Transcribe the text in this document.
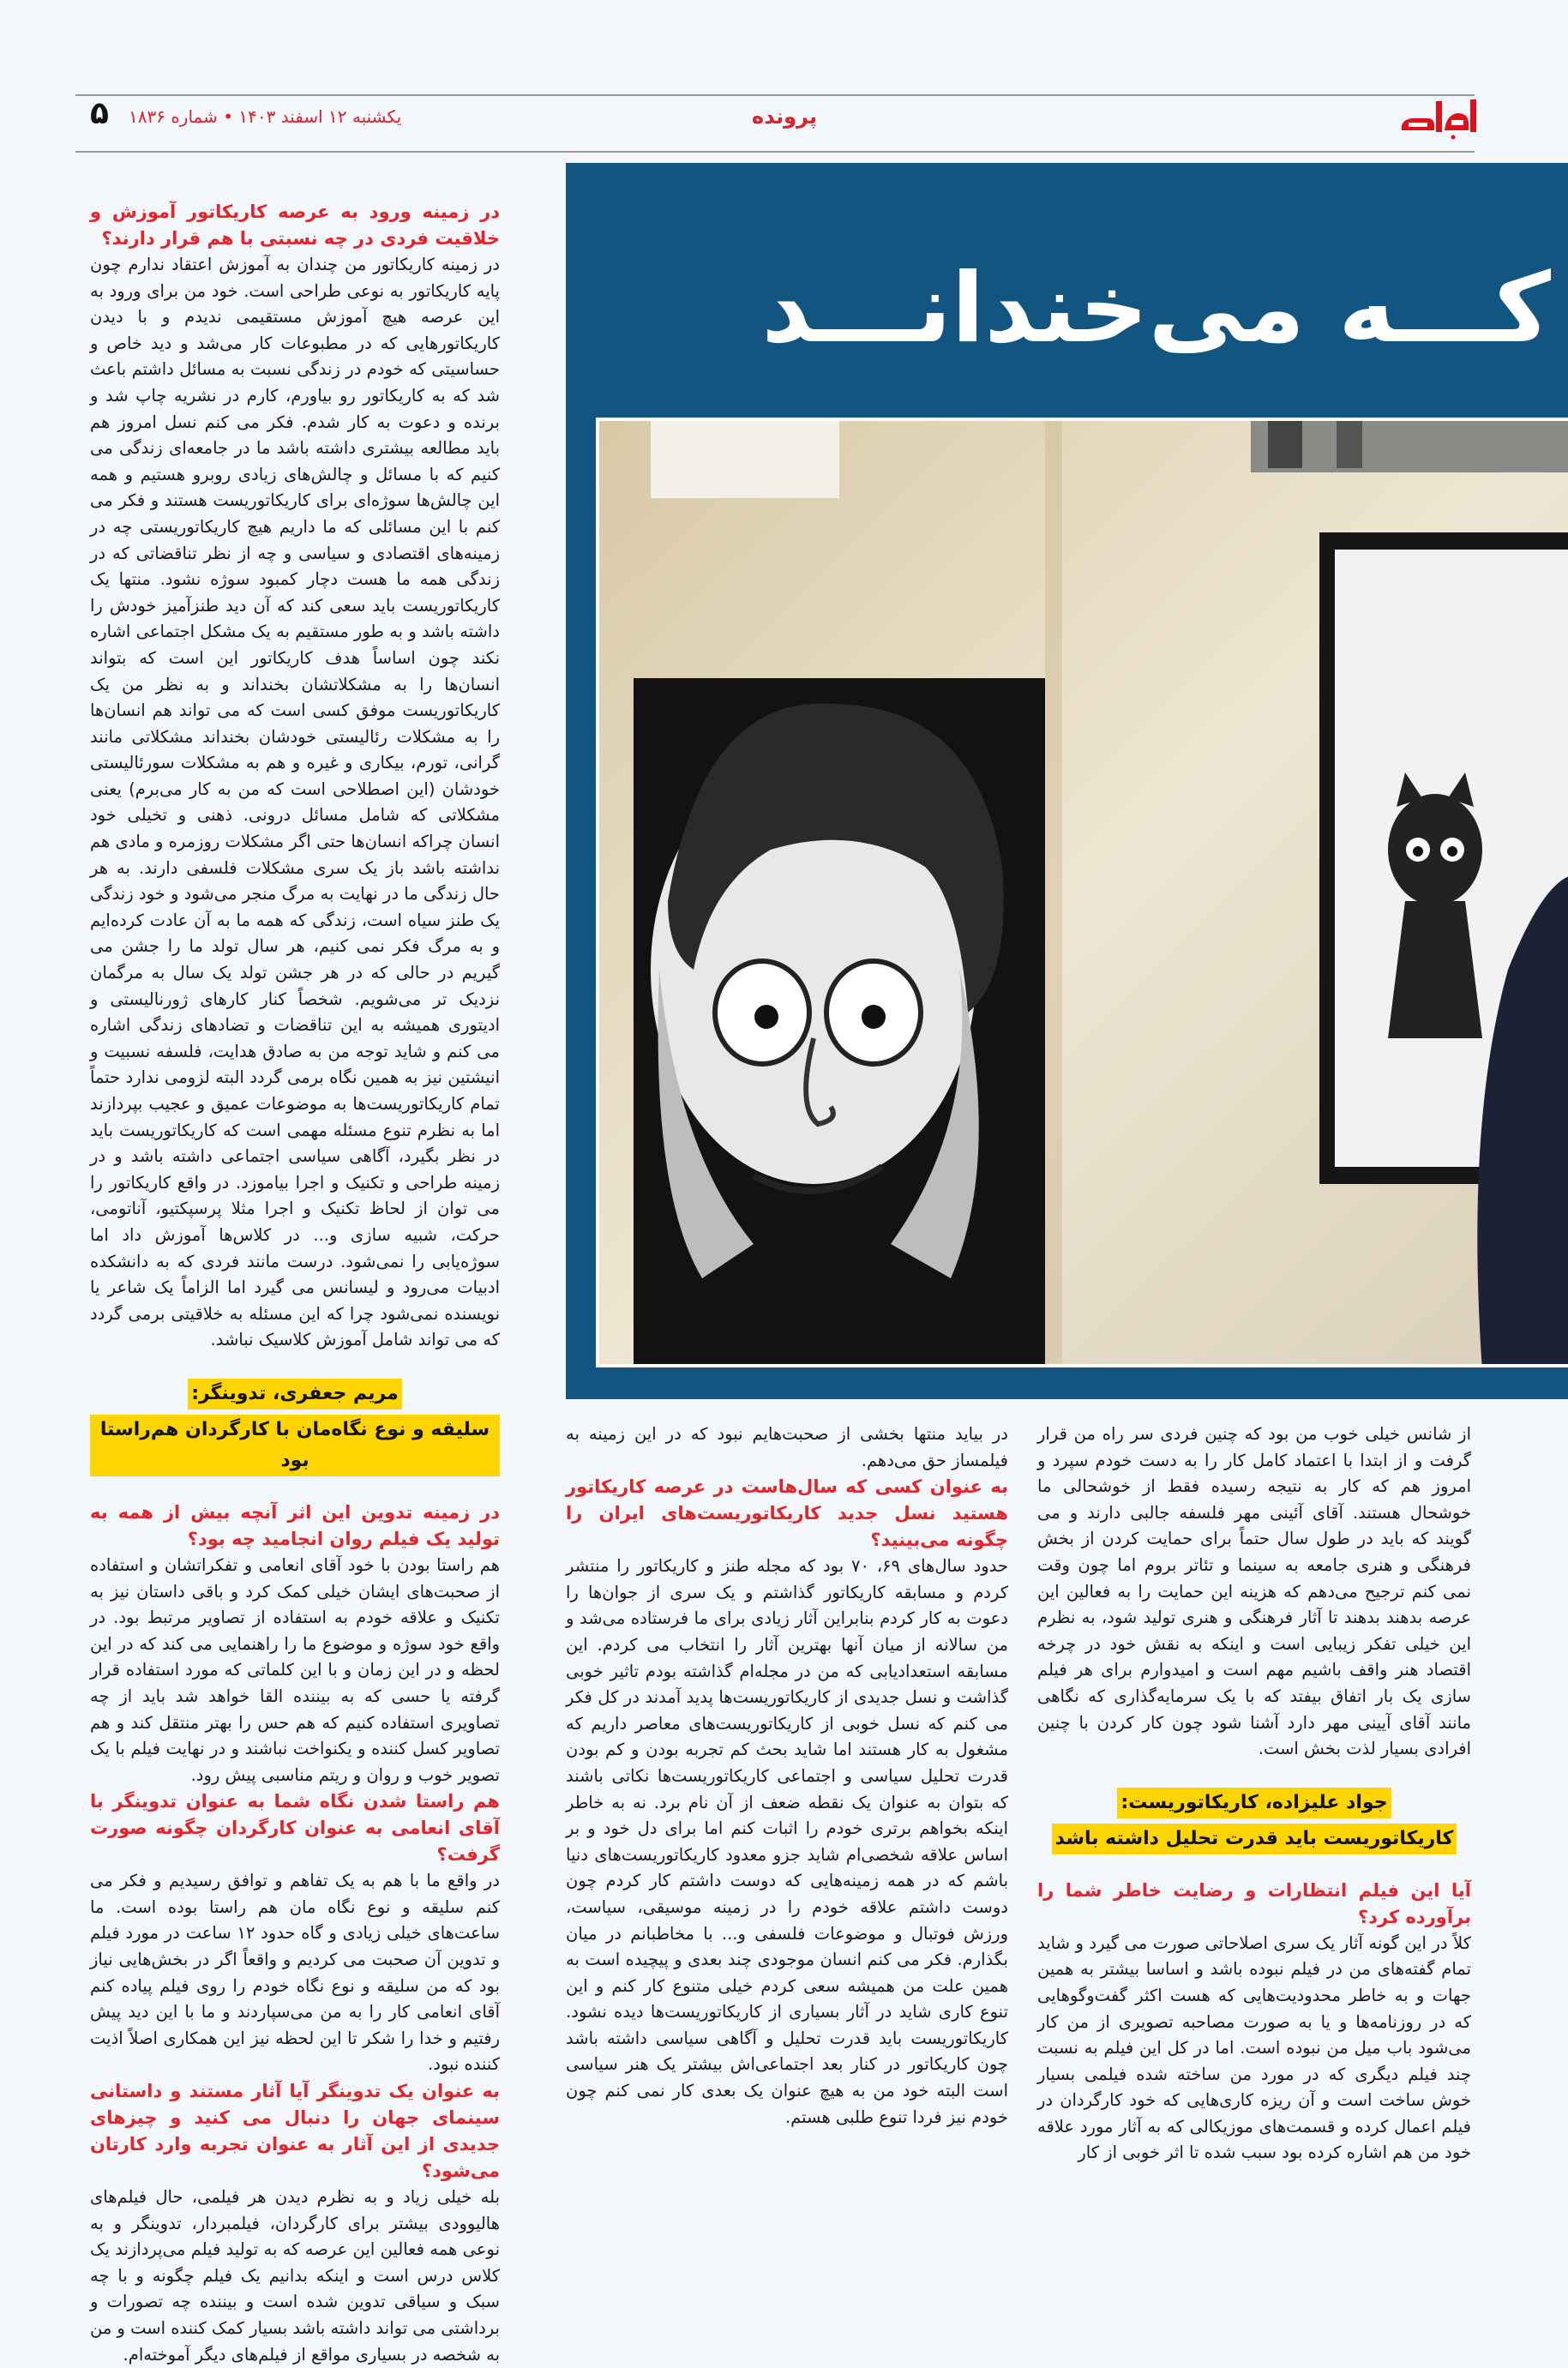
پرونده
یکشنبه ۱۲ اسفند ۱۴۰۳ • شماره ۱۸۳۶
۵
کـــه می‌خندانـــد

در زمینه ورود به عرصه کاریکاتور آموزش و خلاقیت فردی در چه نسبتی با هم قرار دارند؟

در زمینه کاریکاتور من چندان به آموزش اعتقاد ندارم چون پایه کاریکاتور به نوعی طراحی است. خود من برای ورود به این عرصه هیچ آموزش مستقیمی ندیدم و با دیدن کاریکاتورهایی که در مطبوعات کار می‌شد و دید خاص و حساسیتی که خودم در زندگی نسبت به مسائل داشتم باعث شد که به کاریکاتور رو بیاورم، کارم در نشریه چاپ شد و برنده و دعوت به کار شدم. فکر می کنم نسل امروز هم باید مطالعه بیشتری داشته باشد ما در جامعه‌ای زندگی می کنیم که با مسائل و چالش‌های زیادی روبرو هستیم و همه این چالش‌ها سوژه‌ای برای کاریکاتوریست هستند و فکر می کنم با این مسائلی که ما داریم هیچ کاریکاتوریستی چه در زمینه‌های اقتصادی و سیاسی و چه از نظر تناقضاتی که در زندگی همه ما هست دچار کمبود سوژه نشود. منتها یک کاریکاتوریست باید سعی کند که آن دید طنزآمیز خودش را داشته باشد و به طور مستقیم به یک مشکل اجتماعی اشاره نکند چون اساساً هدف کاریکاتور این است که بتواند انسان‌ها را به مشکلاتشان بخنداند و به نظر من یک کاریکاتوریست موفق کسی است که می تواند هم انسان‌ها را به مشکلات رئالیستی خودشان بخنداند مشکلاتی مانند گرانی، تورم، بیکاری و غیره و هم به مشکلات سورئالیستی خودشان (این اصطلاحی است که من به کار می‌برم) یعنی مشکلاتی که شامل مسائل درونی. ذهنی و تخیلی خود انسان چراکه انسان‌ها حتی اگر مشکلات روزمره و مادی هم نداشته باشد باز یک سری مشکلات فلسفی دارند. به هر حال زندگی ما در نهایت به مرگ منجر می‌شود و خود زندگی یک طنز سیاه است، زندگی که همه ما به آن عادت کرده‌ایم و به مرگ فکر نمی کنیم، هر سال تولد ما را جشن می گیریم در حالی که در هر جشن تولد یک سال به مرگمان نزدیک تر می‌شویم. شخصاً کنار کارهای ژورنالیستی و ادیتوری همیشه به این تناقضات و تضادهای زندگی اشاره می کنم و شاید توجه من به صادق هدایت، فلسفه نسبیت و انیشتین نیز به همین نگاه برمی گردد البته لزومی ندارد حتماً تمام کاریکاتوریست‌ها به موضوعات عمیق و عجیب بپردازند اما به نظرم تنوع مسئله مهمی است که کاریکاتوریست باید در نظر بگیرد، آگاهی سیاسی اجتماعی داشته باشد و در زمینه طراحی و تکنیک و اجرا بیاموزد. در واقع کاریکاتور را می توان از لحاظ تکنیک و اجرا مثلا پرسپکتیو، آناتومی، حرکت، شبیه سازی و... در کلاس‌ها آموزش داد اما سوژه‌یابی را نمی‌شود. درست مانند فردی که به دانشکده ادبیات می‌رود و لیسانس می گیرد اما الزاماً یک شاعر یا نویسنده نمی‌شود چرا که این مسئله به خلاقیتی برمی گردد که می تواند شامل آموزش کلاسیک نباشد.

مریم جعفری، تدوینگر:
سلیقه و نوع نگاه‌مان با کارگردان هم‌راستا بود

در زمینه تدوین این اثر آنچه بیش از همه به تولید یک فیلم روان انجامید چه بود؟

هم راستا بودن با خود آقای انعامی و تفکراتشان و استفاده از صحبت‌های ایشان خیلی کمک کرد و باقی داستان نیز به تکنیک و علاقه خودم به استفاده از تصاویر مرتبط بود. در واقع خود سوژه و موضوع ما را راهنمایی می کند که در این لحظه و در این زمان و با این کلماتی که مورد استفاده قرار گرفته یا حسی که به بیننده القا خواهد شد باید از چه تصاویری استفاده کنیم که هم حس را بهتر منتقل کند و هم تصاویر کسل کننده و یکنواخت نباشند و در نهایت فیلم با یک تصویر خوب و روان و ریتم مناسبی پیش رود.

هم راستا شدن نگاه شما به عنوان تدوینگر با آقای انعامی به عنوان کارگردان چگونه صورت گرفت؟

در واقع ما با هم به یک تفاهم و توافق رسیدیم و فکر می کنم سلیقه و نوع نگاه مان هم راستا بوده است. ما ساعت‌های خیلی زیادی و گاه حدود ۱۲ ساعت در مورد فیلم و تدوین آن صحبت می کردیم و واقعاً اگر در بخش‌هایی نیاز بود که من سلیقه و نوع نگاه خودم را روی فیلم پیاده کنم آقای انعامی کار را به من می‌سپاردند و ما با این دید پیش رفتیم و خدا را شکر تا این لحظه نیز این همکاری اصلاً اذیت کننده نبود.

به عنوان یک تدوینگر آیا آثار مستند و داستانی سینمای جهان را دنبال می کنید و چیزهای جدیدی از این آثار به عنوان تجربه وارد کارتان می‌شود؟

بله خیلی زیاد و به نظرم دیدن هر فیلمی، حال فیلم‌های هالیوودی بیشتر برای کارگردان، فیلمبردار، تدوینگر و به نوعی همه فعالین این عرصه که به تولید فیلم می‌پردازند یک کلاس درس است و اینکه بدانیم یک فیلم چگونه و با چه سبک و سیاقی تدوین شده است و بیننده چه تصورات و برداشتی می تواند داشته باشد بسیار کمک کننده است و من به شخصه در بسیاری مواقع از فیلم‌های دیگر آموخته‌ام.

در بیاید منتها بخشی از صحبت‌هایم نبود که در این زمینه به فیلمساز حق می‌دهم.

به عنوان کسی که سال‌هاست در عرصه کاریکاتور هستید نسل جدید کاریکاتوریست‌های ایران را چگونه می‌بینید؟

حدود سال‌های ۶۹، ۷۰ بود که مجله طنز و کاریکاتور را منتشر کردم و مسابقه کاریکاتور گذاشتم و یک سری از جوان‌ها را دعوت به کار کردم بنابراین آثار زیادی برای ما فرستاده می‌شد و من سالانه از میان آنها بهترین آثار را انتخاب می کردم. این مسابقه استعدادیابی که من در مجله‌ام گذاشته بودم تاثیر خوبی گذاشت و نسل جدیدی از کاریکاتوریست‌ها پدید آمدند در کل فکر می کنم که نسل خوبی از کاریکاتوریست‌های معاصر داریم که مشغول به کار هستند اما شاید بحث کم تجربه بودن و کم بودن قدرت تحلیل سیاسی و اجتماعی کاریکاتوریست‌ها نکاتی باشند که بتوان به عنوان یک نقطه ضعف از آن نام برد. نه به خاطر اینکه بخواهم برتری خودم را اثبات کنم اما برای دل خود و بر اساس علاقه شخصی‌ام شاید جزو معدود کاریکاتوریست‌های دنیا باشم که در همه زمینه‌هایی که دوست داشتم کار کردم چون دوست داشتم علاقه خودم را در زمینه موسیقی، سیاست، ورزش فوتبال و موضوعات فلسفی و... با مخاطبانم در میان بگذارم. فکر می کنم انسان موجودی چند بعدی و پیچیده است به همین علت من همیشه سعی کردم خیلی متنوع کار کنم و این تنوع کاری شاید در آثار بسیاری از کاریکاتوریست‌ها دیده نشود. کاریکاتوریست باید قدرت تحلیل و آگاهی سیاسی داشته باشد چون کاریکاتور در کنار بعد اجتماعی‌اش بیشتر یک هنر سیاسی است البته خود من به هیچ عنوان یک بعدی کار نمی کنم چون خودم نیز فردا تنوع طلبی هستم.

از شانس خیلی خوب من بود که چنین فردی سر راه من قرار گرفت و از ابتدا با اعتماد کامل کار را به دست خودم سپرد و امروز هم که کار به نتیجه رسیده فقط از خوشحالی ما خوشحال هستند. آقای آئینی مهر فلسفه جالبی دارند و می گویند که باید در طول سال حتماً برای حمایت کردن از بخش فرهنگی و هنری جامعه به سینما و تئاتر بروم اما چون وقت نمی کنم ترجیح می‌دهم که هزینه این حمایت را به فعالین این عرصه بدهند بدهند تا آثار فرهنگی و هنری تولید شود، به نظرم این خیلی تفکر زیبایی است و اینکه به نقش خود در چرخه اقتصاد هنر واقف باشیم مهم است و امیدوارم برای هر فیلم سازی یک بار اتفاق بیفتد که با یک سرمایه‌گذاری که نگاهی مانند آقای آیینی مهر دارد آشنا شود چون کار کردن با چنین افرادی بسیار لذت بخش است.

جواد علیزاده، کاریکاتوریست:
کاریکاتوریست باید قدرت تحلیل داشته باشد

آیا این فیلم انتظارات و رضایت خاطر شما را برآورده کرد؟

کلاً در این گونه آثار یک سری اصلاحاتی صورت می گیرد و شاید تمام گفته‌های من در فیلم نبوده باشد و اساسا بیشتر به همین جهات و به خاطر محدودیت‌هایی که هست اکثر گفت‌وگوهایی که در روزنامه‌ها و یا به صورت مصاحبه تصویری از من کار می‌شود باب میل من نبوده است. اما در کل این فیلم به نسبت چند فیلم دیگری که در مورد من ساخته شده فیلمی بسیار خوش ساخت است و آن ریزه کاری‌هایی که خود کارگردان در فیلم اعمال کرده و قسمت‌های موزیکالی که به آثار مورد علاقه خود من هم اشاره کرده بود سبب شده تا اثر خوبی از کار
